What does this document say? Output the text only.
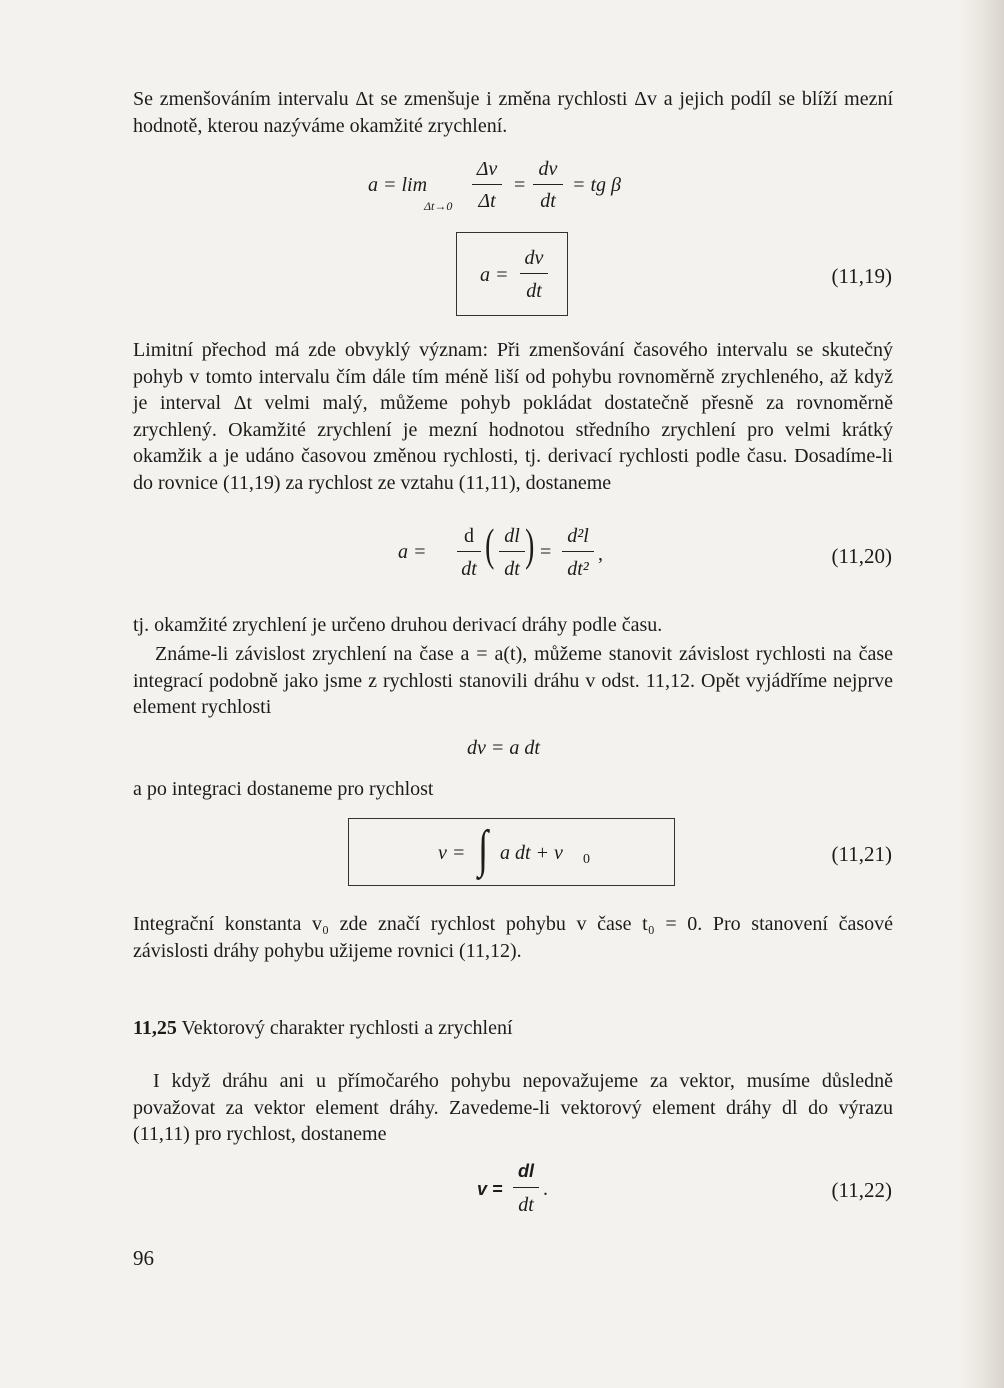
Se zmenšováním intervalu Δt se zmenšuje i změna rychlosti Δv a jejich podíl se blíží mezní hodnotě, kterou nazýváme okamžité zrychlení.

a = lim
Δt→0
Δv
Δt
=
dv
dt
= tg β
a =
dv
dt
(11,19)

Limitní přechod má zde obvyklý význam: Při zmenšování časového intervalu se skutečný pohyb v tomto intervalu čím dále tím méně liší od pohybu rovnoměrně zrychleného, až když je interval Δt velmi malý, můžeme pohyb pokládat dostatečně přesně za rovnoměrně zrychlený. Okamžité zrychlení je mezní hodnotou středního zrychlení pro velmi krátký okamžik a je udáno časovou změnou rychlosti, tj. derivací rychlosti podle času. Dosadíme-li do rovnice (11,19) za rychlost ze vztahu (11,11), dostaneme

a =
d
dt ( dl
dt ) =
d²l
dt²
,	(11,20)

tj. okamžité zrychlení je určeno druhou derivací dráhy podle času.

Známe-li závislost zrychlení na čase a = a(t), můžeme stanovit závislost rychlosti na čase integrací podobně jako jsme z rychlosti stanovili dráhu v odst. 11,12. Opět vyjádříme nejprve element rychlosti

dv = a dt

a po integraci dostaneme pro rychlost

v = ∫ a dt + v 0	(11,21)

Integrační konstanta v₀ zde značí rychlost pohybu v čase t₀ = 0. Pro stanovení časové závislosti dráhy pohybu užijeme rovnici (11,12).

11,25 Vektorový charakter rychlosti a zrychlení

I když dráhu ani u přímočarého pohybu nepovažujeme za vektor, musíme důsledně považovat za vektor element dráhy. Zavedeme-li vektorový element dráhy dl do výrazu (11,11) pro rychlost, dostaneme

v =
dl
dt
.	(11,22)
96
